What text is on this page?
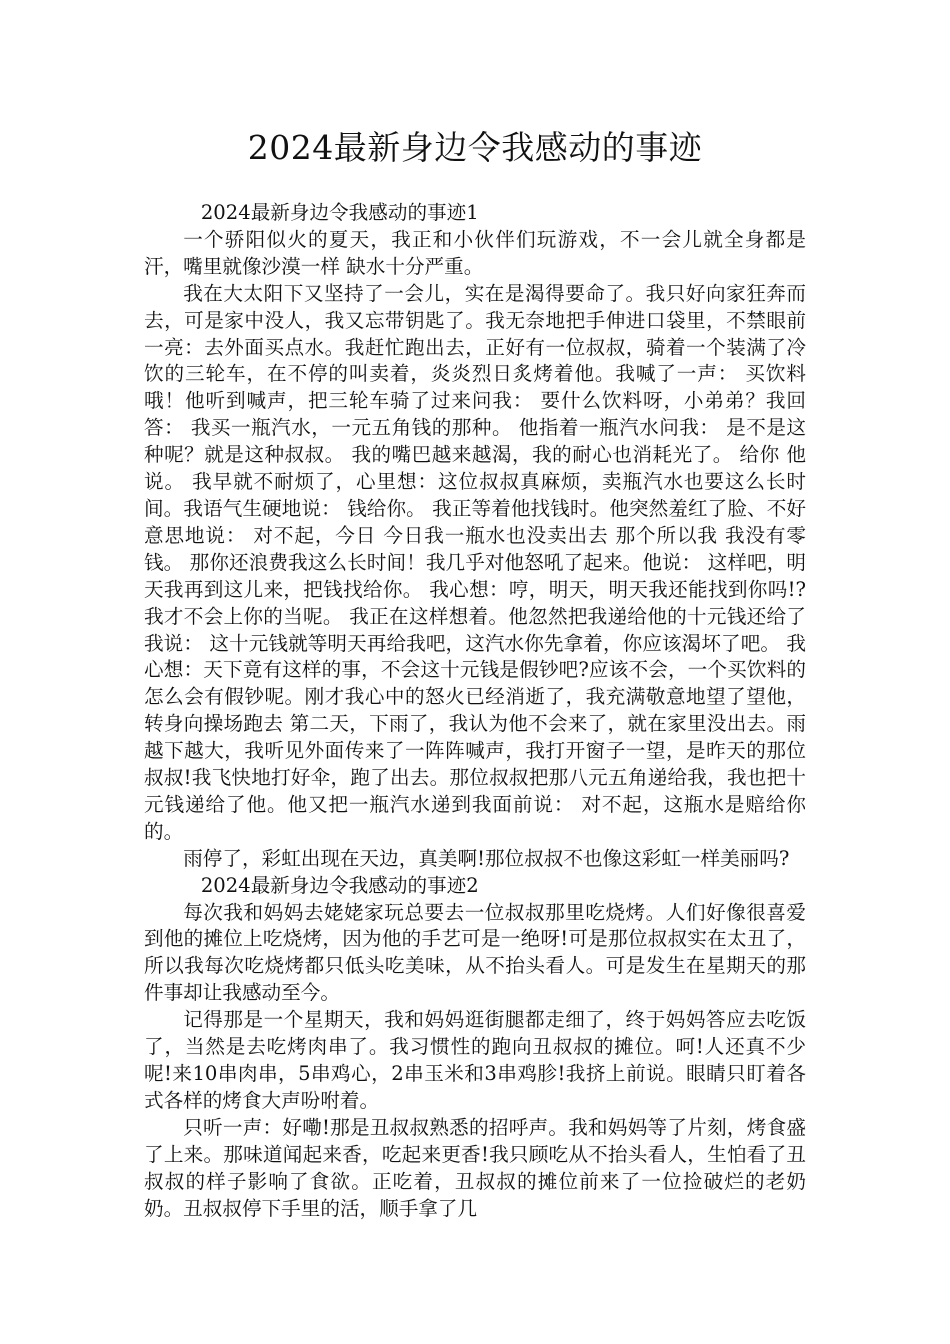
2024最新身边令我感动的事迹

2024最新身边令我感动的事迹1

一个骄阳似火的夏天，我正和小伙伴们玩游戏，不一会儿就全身都是汗，嘴里就像沙漠一样 缺水十分严重。

我在大太阳下又坚持了一会儿，实在是渴得要命了。我只好向家狂奔而去，可是家中没人，我又忘带钥匙了。我无奈地把手伸进口袋里，不禁眼前一亮：去外面买点水。我赶忙跑出去，正好有一位叔叔，骑着一个装满了冷饮的三轮车，在不停的叫卖着，炎炎烈日炙烤着他。我喊了一声： 买饮料哦！他听到喊声，把三轮车骑了过来问我： 要什么饮料呀，小弟弟？我回答： 我买一瓶汽水，一元五角钱的那种。 他指着一瓶汽水问我： 是不是这种呢？就是这种叔叔。 我的嘴巴越来越渴，我的耐心也消耗光了。 给你 他说。 我早就不耐烦了，心里想：这位叔叔真麻烦，卖瓶汽水也要这么长时间。我语气生硬地说： 钱给你。 我正等着他找钱时。他突然羞红了脸、不好意思地说： 对不起，今日 今日我一瓶水也没卖出去 那个所以我 我没有零钱。 那你还浪费我这么长时间！我几乎对他怒吼了起来。他说： 这样吧，明天我再到这儿来，把钱找给你。 我心想：哼，明天，明天我还能找到你吗!?我才不会上你的当呢。 我正在这样想着。他忽然把我递给他的十元钱还给了我说： 这十元钱就等明天再给我吧，这汽水你先拿着，你应该渴坏了吧。 我心想：天下竟有这样的事，不会这十元钱是假钞吧?应该不会，一个买饮料的怎么会有假钞呢。刚才我心中的怒火已经消逝了，我充满敬意地望了望他，转身向操场跑去 第二天，下雨了，我认为他不会来了，就在家里没出去。雨越下越大，我听见外面传来了一阵阵喊声，我打开窗子一望，是昨天的那位叔叔!我飞快地打好伞，跑了出去。那位叔叔把那八元五角递给我，我也把十元钱递给了他。他又把一瓶汽水递到我面前说： 对不起，这瓶水是赔给你的。

雨停了，彩虹出现在天边，真美啊!那位叔叔不也像这彩虹一样美丽吗?

2024最新身边令我感动的事迹2

每次我和妈妈去姥姥家玩总要去一位叔叔那里吃烧烤。人们好像很喜爱到他的摊位上吃烧烤，因为他的手艺可是一绝呀!可是那位叔叔实在太丑了，所以我每次吃烧烤都只低头吃美味，从不抬头看人。可是发生在星期天的那件事却让我感动至今。

记得那是一个星期天，我和妈妈逛街腿都走细了，终于妈妈答应去吃饭了，当然是去吃烤肉串了。我习惯性的跑向丑叔叔的摊位。呵!人还真不少呢!来10串肉串，5串鸡心，2串玉米和3串鸡胗!我挤上前说。眼睛只盯着各式各样的烤食大声吩咐着。

只听一声：好嘞!那是丑叔叔熟悉的招呼声。我和妈妈等了片刻，烤食盛了上来。那味道闻起来香，吃起来更香!我只顾吃从不抬头看人，生怕看了丑叔叔的样子影响了食欲。正吃着，丑叔叔的摊位前来了一位捡破烂的老奶奶。丑叔叔停下手里的活，顺手拿了几
